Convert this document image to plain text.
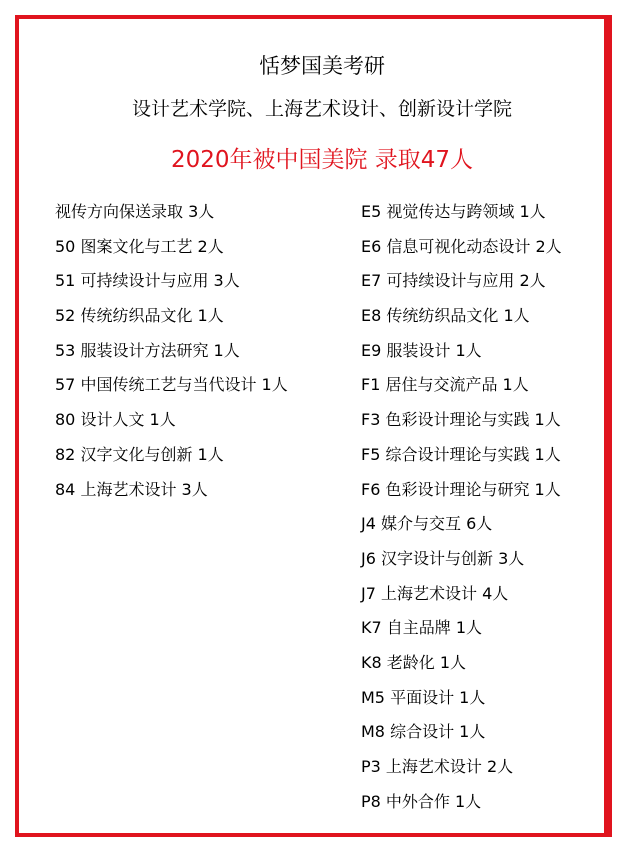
恬梦国美考研
设计艺术学院、上海艺术设计、创新设计学院
2020年被中国美院 录取47人
视传方向保送录取 3人
50 图案文化与工艺 2人
51 可持续设计与应用 3人
52 传统纺织品文化 1人
53 服装设计方法研究 1人
57 中国传统工艺与当代设计 1人
80 设计人文 1人
82 汉字文化与创新 1人
84 上海艺术设计 3人
E5 视觉传达与跨领域 1人
E6 信息可视化动态设计 2人
E7 可持续设计与应用 2人
E8 传统纺织品文化 1人
E9 服装设计 1人
F1 居住与交流产品 1人
F3 色彩设计理论与实践 1人
F5 综合设计理论与实践 1人
F6 色彩设计理论与研究 1人
J4 媒介与交互 6人
J6 汉字设计与创新 3人
J7 上海艺术设计 4人
K7 自主品牌 1人
K8 老龄化 1人
M5 平面设计 1人
M8 综合设计 1人
P3 上海艺术设计 2人
P8 中外合作 1人
